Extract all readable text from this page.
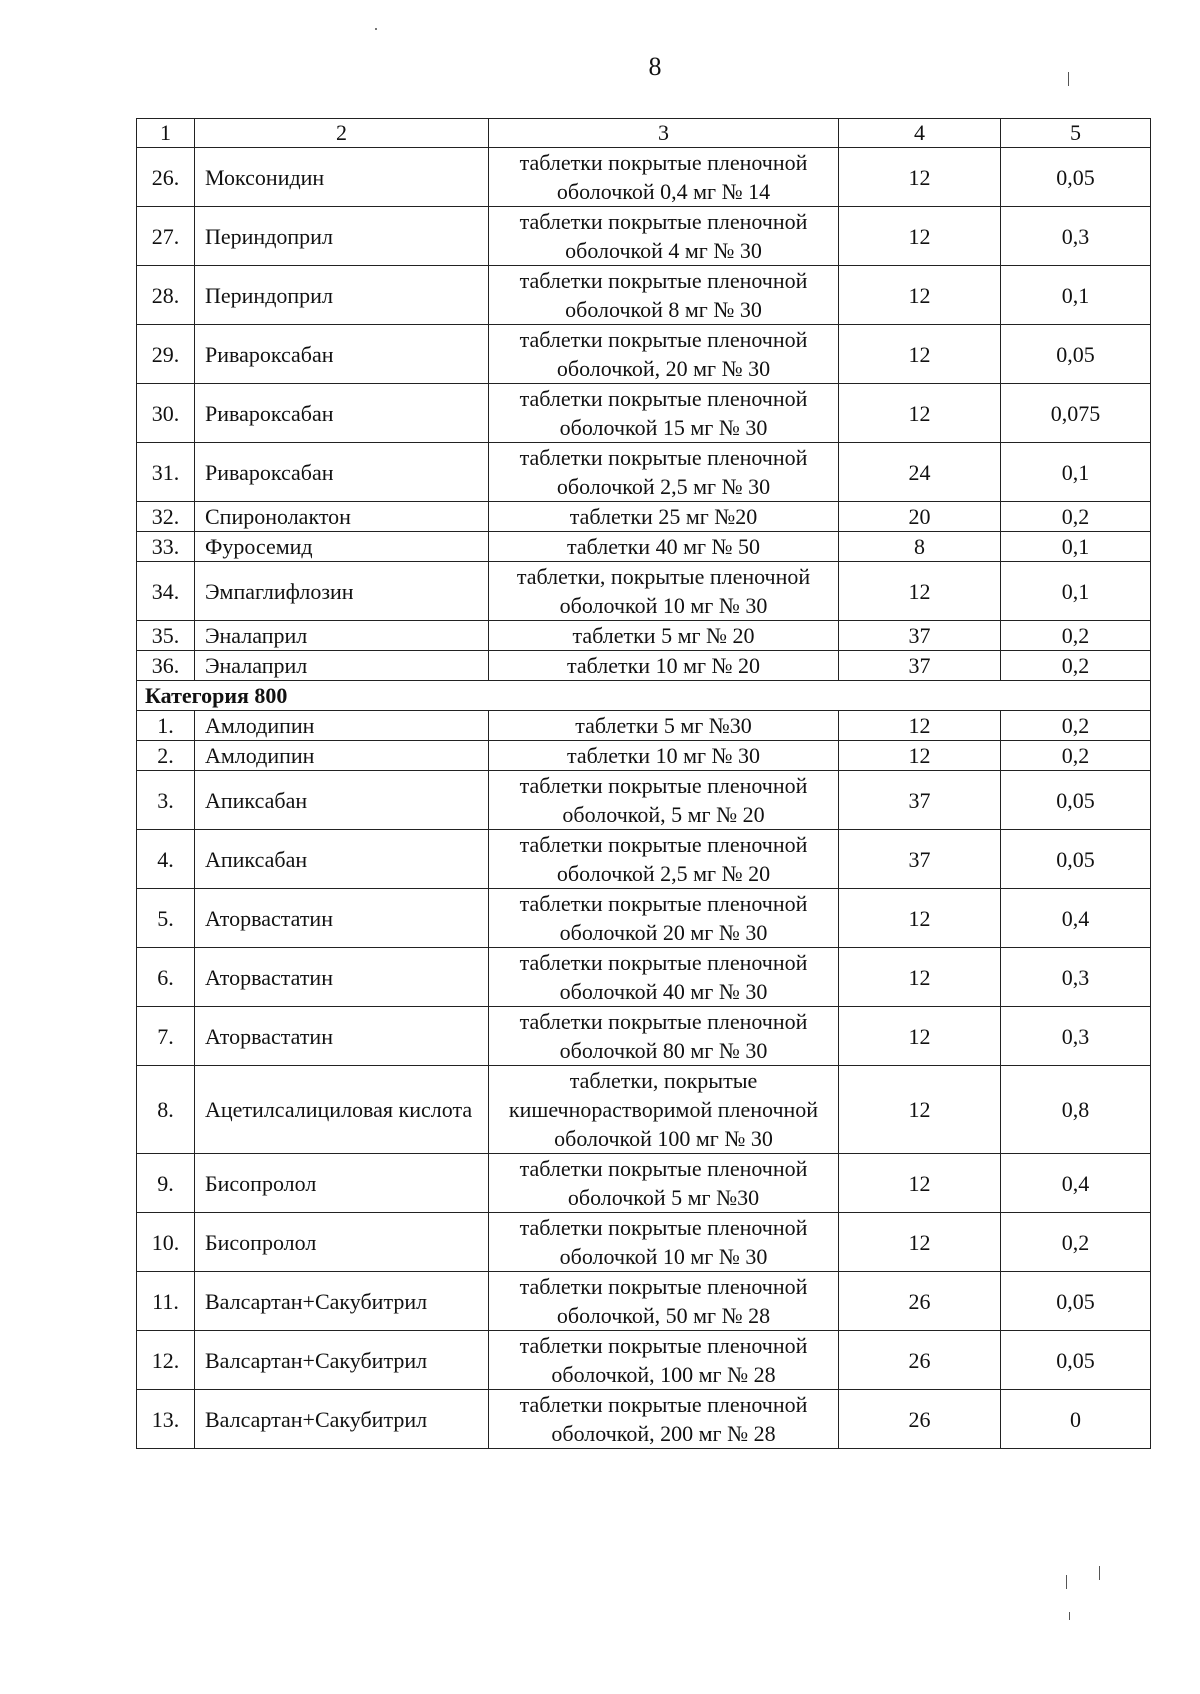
8
1	2	3	4	5
26.	Моксонидин	таблетки покрытые пленочной оболочкой 0,4 мг № 14	12	0,05
27.	Периндоприл	таблетки покрытые пленочной оболочкой 4 мг № 30	12	0,3
28.	Периндоприл	таблетки покрытые пленочной оболочкой 8 мг № 30	12	0,1
29.	Ривароксабан	таблетки покрытые пленочной оболочкой, 20 мг № 30	12	0,05
30.	Ривароксабан	таблетки покрытые пленочной оболочкой 15 мг № 30	12	0,075
31.	Ривароксабан	таблетки покрытые пленочной оболочкой 2,5 мг № 30	24	0,1
32.	Спиронолактон	таблетки 25 мг №20	20	0,2
33.	Фуросемид	таблетки 40 мг № 50	8	0,1
34.	Эмпаглифлозин	таблетки, покрытые пленочной оболочкой 10 мг № 30	12	0,1
35.	Эналаприл	таблетки 5 мг № 20	37	0,2
36.	Эналаприл	таблетки 10 мг № 20	37	0,2
Категория 800				
1.	Амлодипин	таблетки 5 мг №30	12	0,2
2.	Амлодипин	таблетки 10 мг № 30	12	0,2
3.	Апиксабан	таблетки покрытые пленочной оболочкой, 5 мг № 20	37	0,05
4.	Апиксабан	таблетки покрытые пленочной оболочкой 2,5 мг № 20	37	0,05
5.	Аторвастатин	таблетки покрытые пленочной оболочкой 20 мг № 30	12	0,4
6.	Аторвастатин	таблетки покрытые пленочной оболочкой 40 мг № 30	12	0,3
7.	Аторвастатин	таблетки покрытые пленочной оболочкой 80 мг № 30	12	0,3
8.	Ацетилсалициловая кислота	таблетки, покрытые кишечнорастворимой пленочной оболочкой 100 мг № 30	12	0,8
9.	Бисопролол	таблетки покрытые пленочной оболочкой 5 мг №30	12	0,4
10.	Бисопролол	таблетки покрытые пленочной оболочкой 10 мг № 30	12	0,2
11.	Валсартан+Сакубитрил	таблетки покрытые пленочной оболочкой, 50 мг № 28	26	0,05
12.	Валсартан+Сакубитрил	таблетки покрытые пленочной оболочкой, 100 мг № 28	26	0,05
13.	Валсартан+Сакубитрил	таблетки покрытые пленочной оболочкой, 200 мг № 28	26	0
